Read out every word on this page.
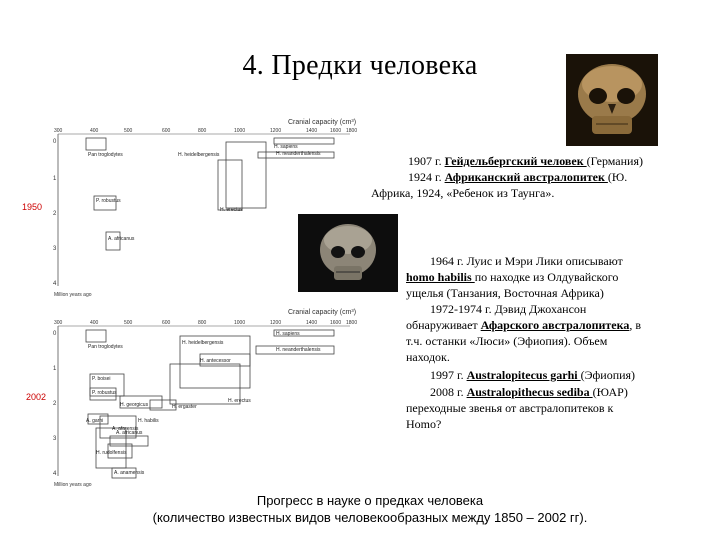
4. Предки человека
1950
Cranial capacity (cm³)
300	400	500	600	800	1000	1200	1400	1600 1800
0
1
2
3
4
Million years ago
Pan troglodytes	H. heidelbergensis
H. sapiens
H. neanderthalensis
P. robustus
H. erectus
A. africanus
2002
Cranial capacity (cm³)
300	400	500	600	800	1000	1200	1400	1600 1800
0
1
2
3
4
Million years ago
Pan troglodytes
H. heidelbergensis
H. sapiens
H. neanderthalensis
H. antecessor
H. erectus
P. boisei
P. robustus
H. georgicus	H. ergaster
A. garhi	H. habilis
A. afarensis
A. africanus
H. rudolfensis
A. anamensis
1907 г. Гейдельбергский человек (Германия)
1924 г. Африканский австралопитек (Ю.
Африка, 1924, «Ребенок из Таунга».
1964 г. Луис и Мэри Лики описывают
homo habilis по находке из Олдувайского
ущелья (Танзания, Восточная Африка)
1972-1974 г. Дэвид Джохансон
обнаруживает Афарского австралопитека, в
т.ч. останки «Люси» (Эфиопия). Объем
находок.
1997 г. Australopitecus garhi (Эфиопия)
2008 г. Australopithecus sediba (ЮАР)
переходные звенья от австралопитеков к
Homo?
Прогресс в науке о предках человека
(количество известных видов человекообразных между 1850 – 2002 гг).
